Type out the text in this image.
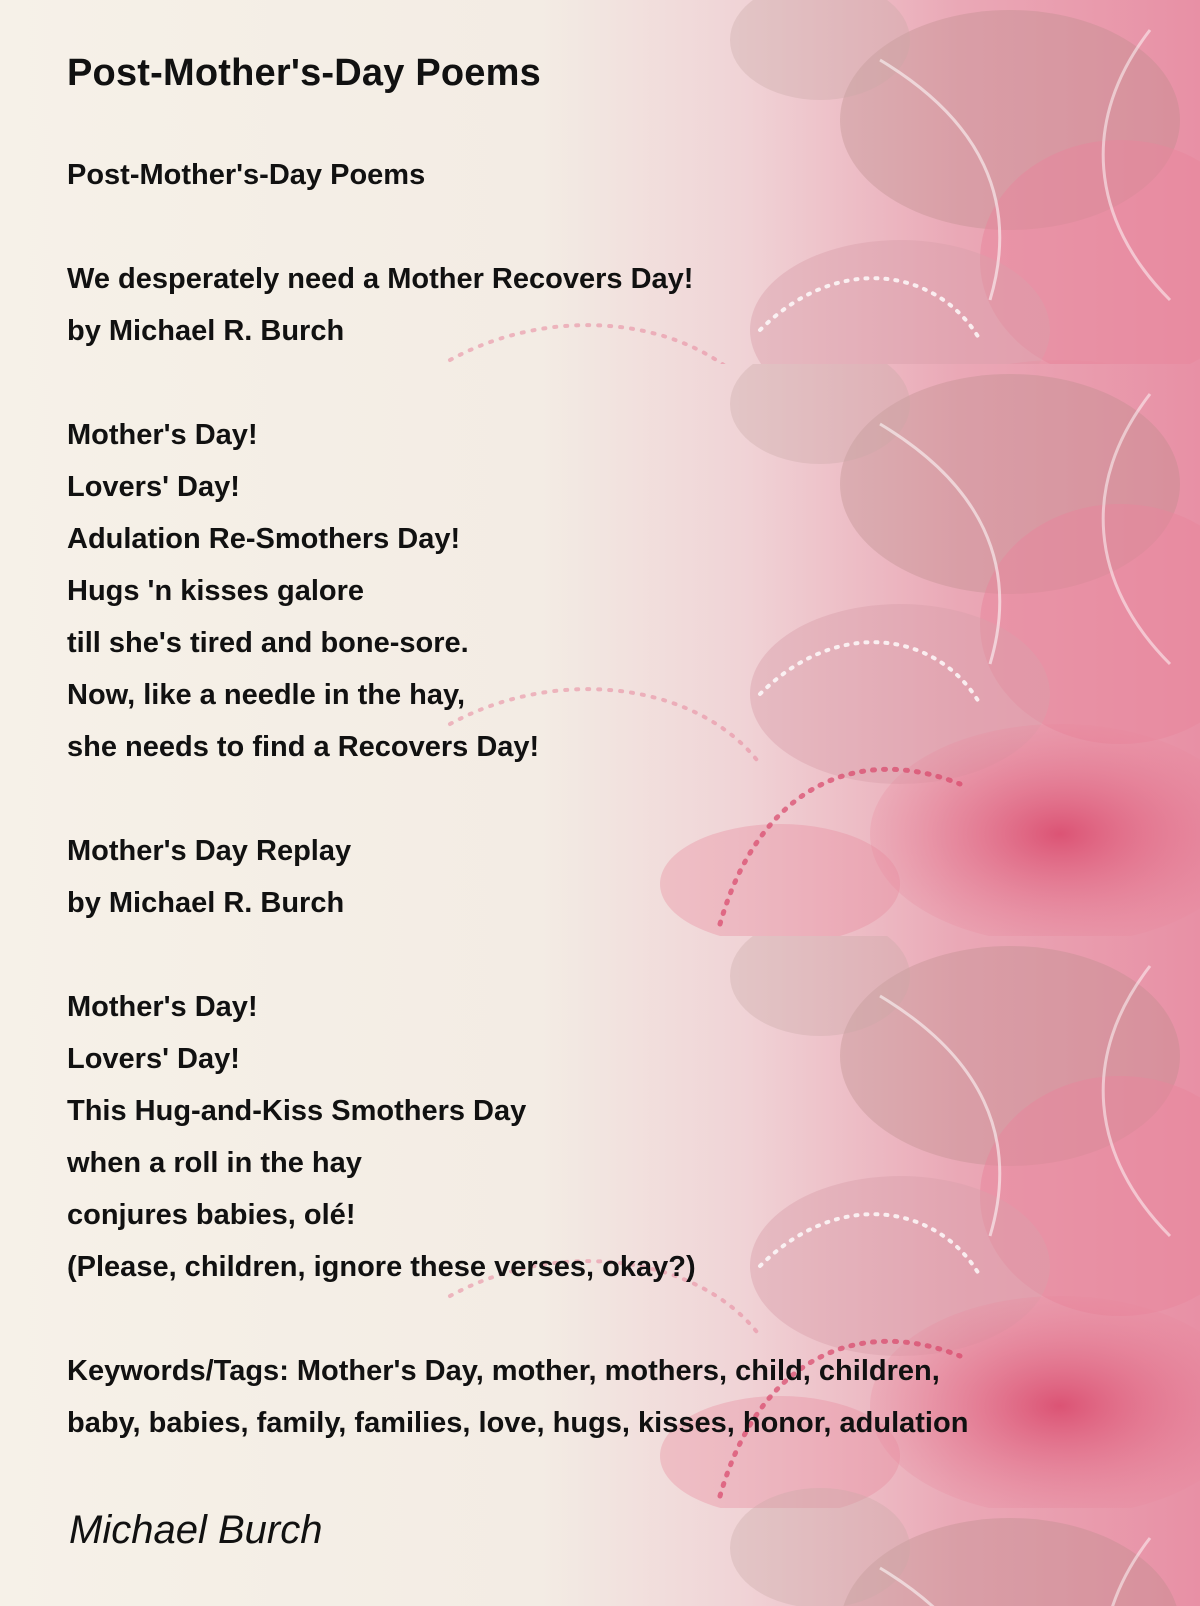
Post-Mother's-Day Poems
Post-Mother's-Day Poems
We desperately need a Mother Recovers Day!
by Michael R. Burch
Mother's Day!
Lovers' Day!
Adulation Re-Smothers Day!
Hugs 'n kisses galore
till she's tired and bone-sore.
Now, like a needle in the hay,
she needs to find a Recovers Day!
Mother's Day Replay
by Michael R. Burch
Mother's Day!
Lovers' Day!
This Hug-and-Kiss Smothers Day
when a roll in the hay
conjures babies, olé!
(Please, children, ignore these verses, okay?)
Keywords/Tags: Mother's Day, mother, mothers, child, children,
baby, babies, family, families, love, hugs, kisses, honor, adulation
Michael Burch
